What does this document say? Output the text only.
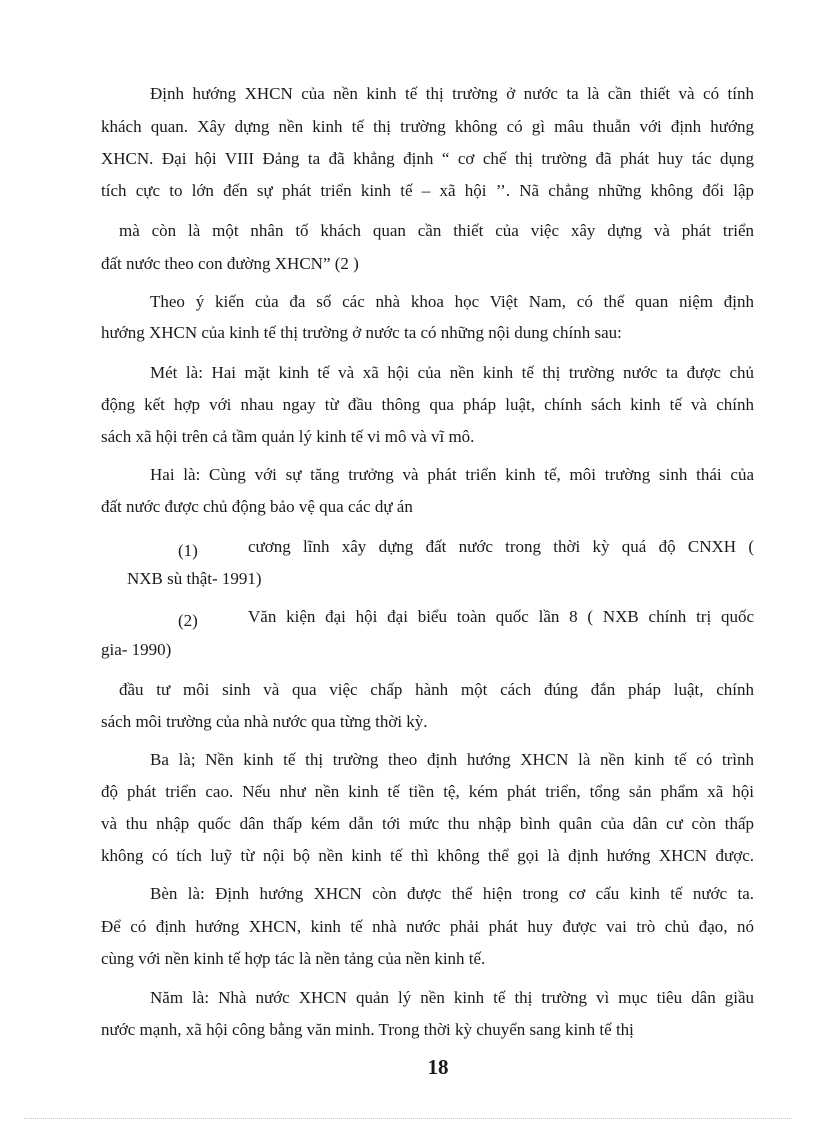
Định hướng XHCN của nền kinh tế thị trường ở nước ta là cần thiết và có tính
khách quan. Xây dựng nền kinh tế thị trường không có gì mâu thuẫn với định hướng
XHCN. Đại hội VIII Đảng ta đã khẳng định “ cơ chế thị trường đã phát huy tác dụng
tích cực to lớn đến sự phát triển kinh tế – xã hội ’’. Nã chẳng những không đối lập
mà còn là một nhân tố khách quan cần thiết của việc xây dựng và phát triển
đất nước theo con đường XHCN” (2 )
Theo ý kiến của đa số các nhà khoa học Việt Nam, có thể quan niệm định
hướng XHCN của kinh tế thị trường ở nước ta có những nội dung chính sau:
Mét là: Hai mặt kinh tế và xã hội của nền kinh tế thị trường nước ta được chủ
động kết hợp với nhau ngay từ đầu thông qua pháp luật, chính sách kinh tế và chính
sách xã hội trên cả tầm quản lý kinh tế vi mô và vĩ mô.
Hai là: Cùng với sự tăng trưởng và phát triển kinh tế, môi trường sinh thái của
đất nước được chủ động bảo vệ qua các dự án
(1)	cương lĩnh xây dựng đất nước trong thời kỳ quá độ CNXH (
NXB sù thật- 1991)
(2)	Văn kiện đại hội đại biểu toàn quốc lần 8 ( NXB chính trị quốc
gia- 1990)
đầu tư môi sinh và qua việc chấp hành một cách đúng đắn pháp luật, chính
sách môi trường của nhà nước qua từng thời kỳ.
Ba là; Nền kinh tế thị trường theo định hướng XHCN là nền kinh tế có trình
độ phát triển cao. Nếu như nền kinh tế tiền tệ, kém phát triển, tổng sản phẩm xã hội
và thu nhập quốc dân thấp kém dẫn tới mức thu nhập bình quân của dân cư còn thấp
không có tích luỹ từ nội bộ nền kinh tế thì không thể gọi là định hướng XHCN được.
Bèn là: Định hướng XHCN còn được thể hiện trong cơ cấu kinh tế nước ta.
Để có định hướng XHCN, kinh tế nhà nước phải phát huy được vai trò chủ đạo, nó
cùng với nền kinh tế hợp tác là nền tảng của nền kinh tế.
Năm là: Nhà nước XHCN quản lý nền kinh tế thị trường vì mục tiêu dân giầu
nước mạnh, xã hội công bằng văn minh. Trong thời kỳ chuyển sang kinh tế thị
18
